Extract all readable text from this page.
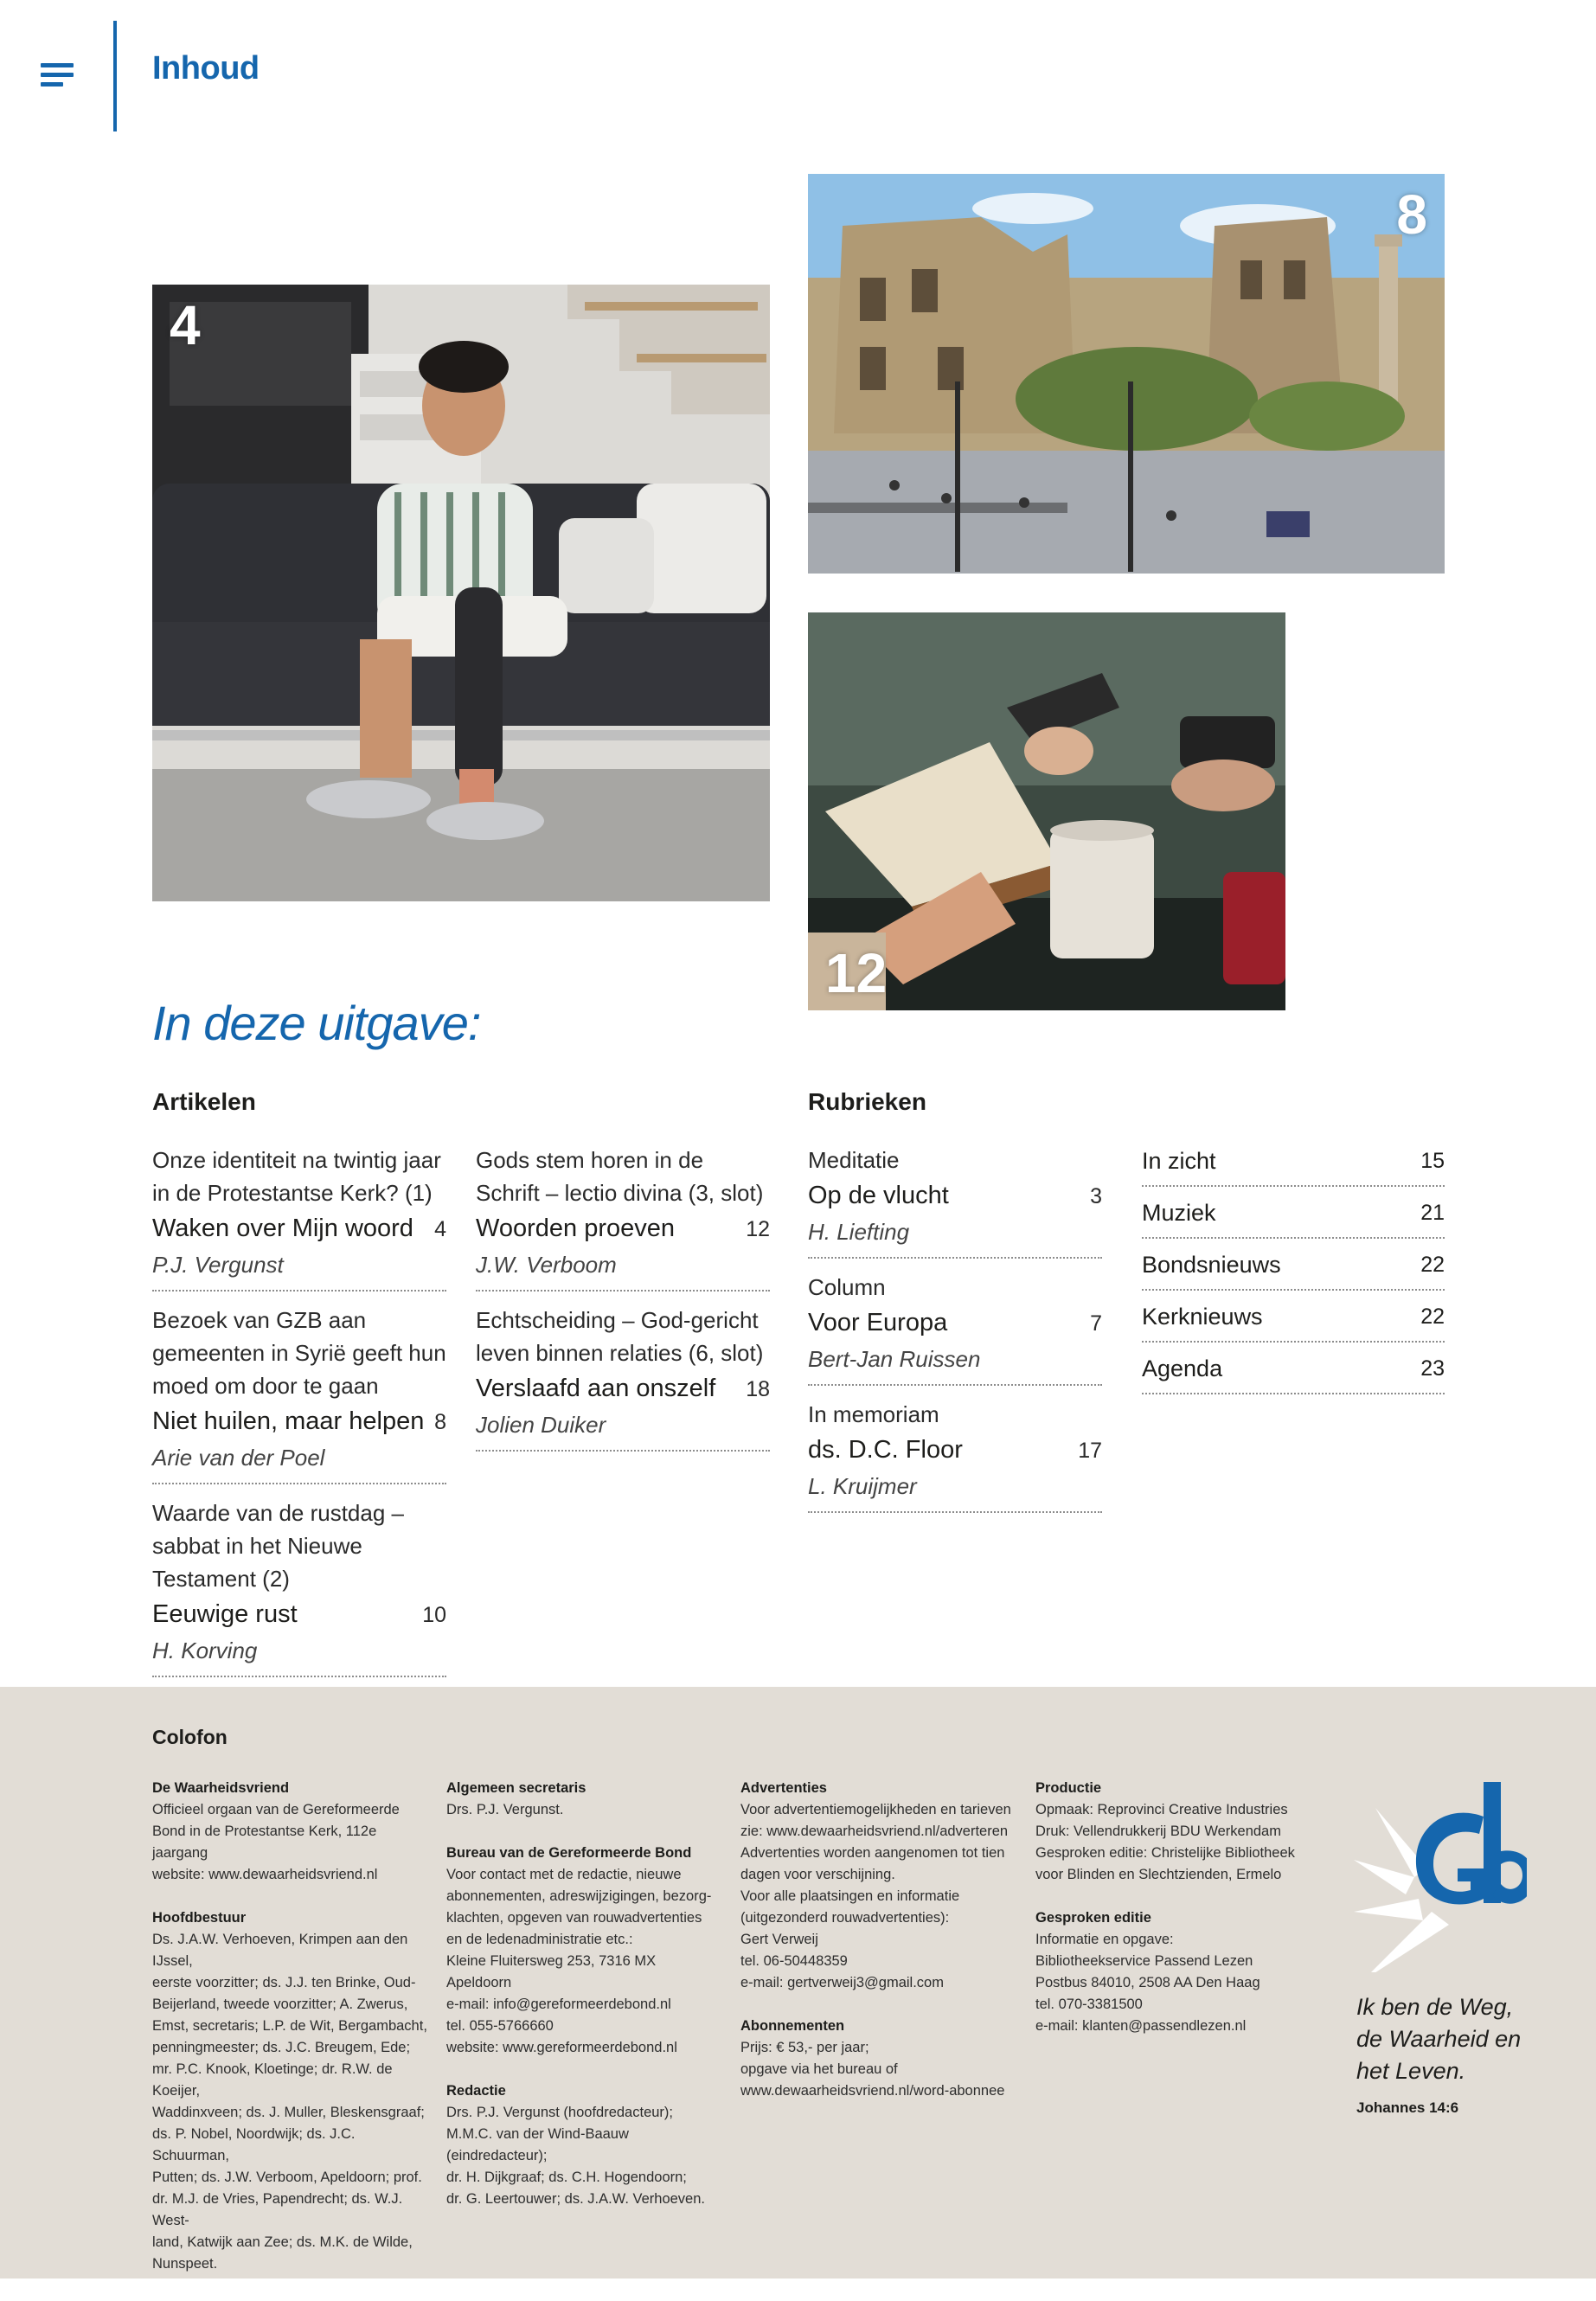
Inhoud
4
8
12
In deze uitgave:
Artikelen	Rubrieken
Onze identiteit na twintig jaar in de Protestantse Kerk? (1)
Waken over Mijn woord 4
P.J. Vergunst
Bezoek van GZB aan gemeenten in Syrië geeft hun moed om door te gaan
Niet huilen, maar helpen 8
Arie van der Poel
Waarde van de rustdag – sabbat in het Nieuwe Testament (2)
Eeuwige rust	10
H. Korving
Gods stem horen in de Schrift – lectio divina (3, slot)
Woorden proeven	12
J.W. Verboom
Echtscheiding – God-gericht leven binnen relaties (6, slot)
Verslaafd aan onszelf 18
Jolien Duiker
Meditatie
Op de vlucht	3
H. Liefting
Column
Voor Europa	7
Bert-Jan Ruissen
In memoriam
ds. D.C. Floor	17
L. Kruijmer
In zicht	15
Muziek	21
Bondsnieuws	22
Kerknieuws	22
Agenda	23
Colofon
De Waarheidsvriend
Officieel orgaan van de Gereformeerde
Bond in de Protestantse Kerk, 112e jaargang
website: www.dewaarheidsvriend.nl
Hoofdbestuur
Ds. J.A.W. Verhoeven, Krimpen aan den IJssel,
eerste voorzitter; ds. J.J. ten Brinke, Oud-
Beijerland, tweede voorzitter; A. Zwerus,
Emst, secretaris; L.P. de Wit, Bergambacht,
penningmeester; ds. J.C. Breugem, Ede;
mr. P.C. Knook, Kloetinge; dr. R.W. de Koeijer,
Waddinxveen; ds. J. Muller, Bleskensgraaf;
ds. P. Nobel, Noordwijk; ds. J.C. Schuurman,
Putten; ds. J.W. Verboom, Apeldoorn; prof.
dr. M.J. de Vries, Papendrecht; ds. W.J. West-
land, Katwijk aan Zee; ds. M.K. de Wilde,
Nunspeet.
Algemeen secretaris
Drs. P.J. Vergunst.
Bureau van de Gereformeerde Bond
Voor contact met de redactie, nieuwe
abonnementen, adreswijzigingen, bezorg-
klachten, opgeven van rouwadvertenties
en de ledenadministratie etc.:
Kleine Fluitersweg 253, 7316 MX Apeldoorn
e-mail: info@gereformeerdebond.nl
tel. 055-5766660
website: www.gereformeerdebond.nl
Redactie
Drs. P.J. Vergunst (hoofdredacteur);
M.M.C. van der Wind-Baauw (eindredacteur);
dr. H. Dijkgraaf; ds. C.H. Hogendoorn;
dr. G. Leertouwer; ds. J.A.W. Verhoeven.
Advertenties
Voor advertentiemogelijkheden en tarieven
zie: www.dewaarheidsvriend.nl/adverteren
Advertenties worden aangenomen tot tien
dagen voor verschijning.
Voor alle plaatsingen en informatie
(uitgezonderd rouwadvertenties):
Gert Verweij
tel. 06-50448359
e-mail: gertverweij3@gmail.com
Abonnementen
Prijs: € 53,- per jaar;
opgave via het bureau of
www.dewaarheidsvriend.nl/word-abonnee
Productie
Opmaak: Reprovinci Creative Industries
Druk: Vellendrukkerij BDU Werkendam
Gesproken editie: Christelijke Bibliotheek
voor Blinden en Slechtzienden, Ermelo
Gesproken editie
Informatie en opgave:
Bibliotheekservice Passend Lezen
Postbus 84010, 2508 AA Den Haag
tel. 070-3381500
e-mail: klanten@passendlezen.nl
Ik ben de Weg,
de Waarheid en
het Leven.
Johannes 14:6
